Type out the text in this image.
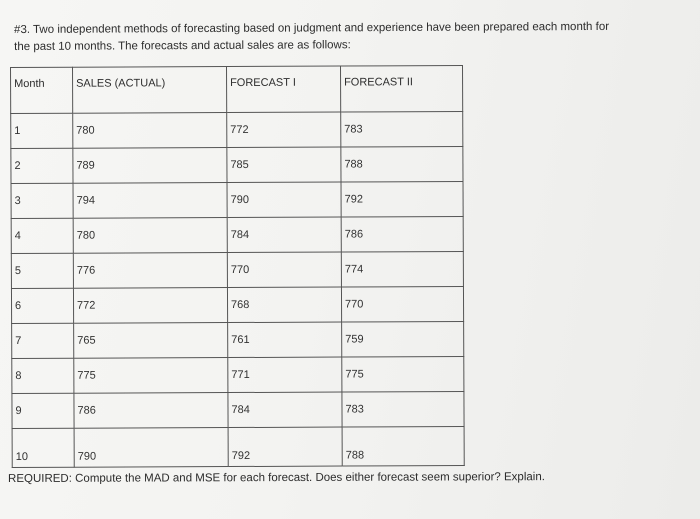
#3. Two independent methods of forecasting based on judgment and experience have been prepared each month for the past 10 months. The forecasts and actual sales are as follows:
Month	SALES (ACTUAL)	FORECAST I	FORECAST II
1	780	772	783
2	789	785	788
3	794	790	792
4	780	784	786
5	776	770	774
6	772	768	770
7	765	761	759
8	775	771	775
9	786	784	783
10	790	792	788
REQUIRED: Compute the MAD and MSE for each forecast. Does either forecast seem superior? Explain.
